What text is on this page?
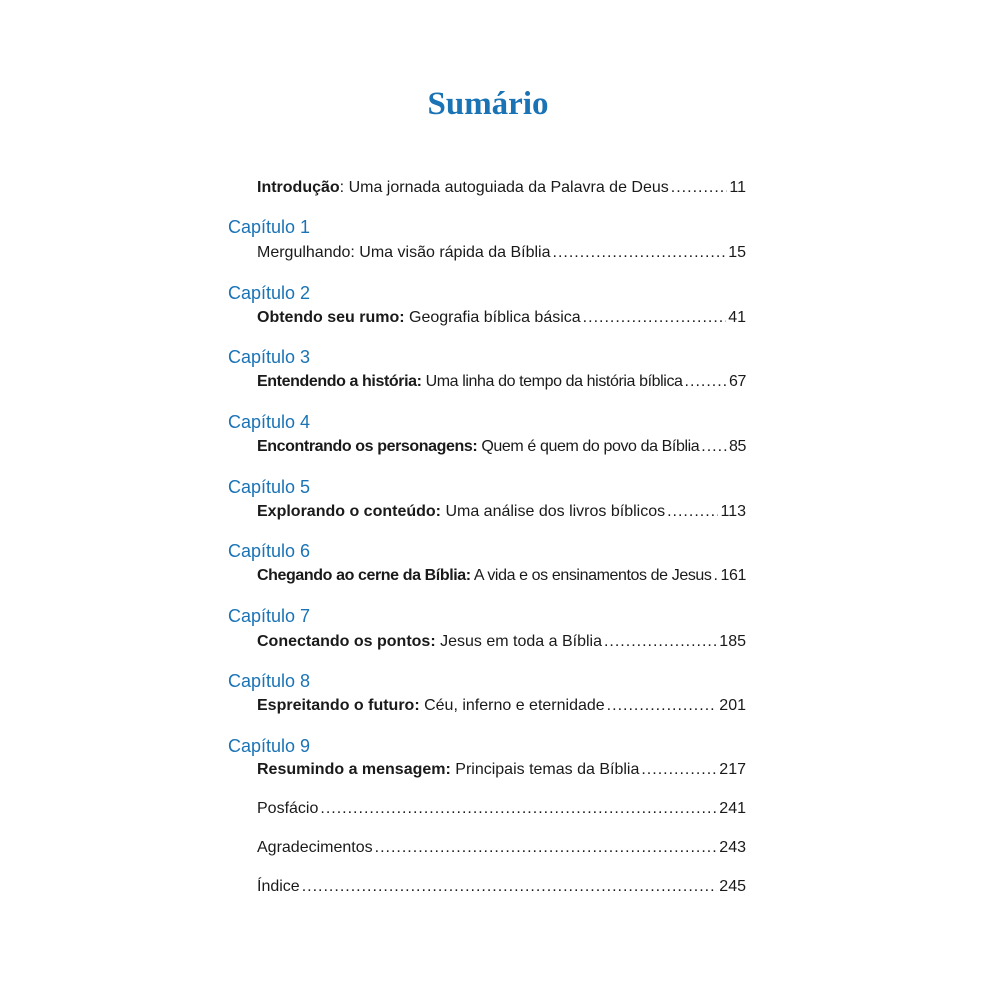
Sumário
Introdução: Uma jornada autoguiada da Palavra de Deus .....	11
Capítulo 1
Mergulhando: Uma visão rápida da Bíblia .....	15
Capítulo 2
Obtendo seu rumo: Geografia bíblica básica .....	41
Capítulo 3
Entendendo a história: Uma linha do tempo da história bíblica .....	67
Capítulo 4
Encontrando os personagens: Quem é quem do povo da Bíblia ..... 85
Capítulo 5
Explorando o conteúdo: Uma análise dos livros bíblicos .....	113
Capítulo 6
Chegando ao cerne da Bíblia: A vida e os ensinamentos de Jesus ..... 161
Capítulo 7
Conectando os pontos: Jesus em toda a Bíblia .....	185
Capítulo 8
Espreitando o futuro: Céu, inferno e eternidade .....	201
Capítulo 9
Resumindo a mensagem: Principais temas da Bíblia .....	217
Posfácio .....	241
Agradecimentos .....	243
Índice .....	245
